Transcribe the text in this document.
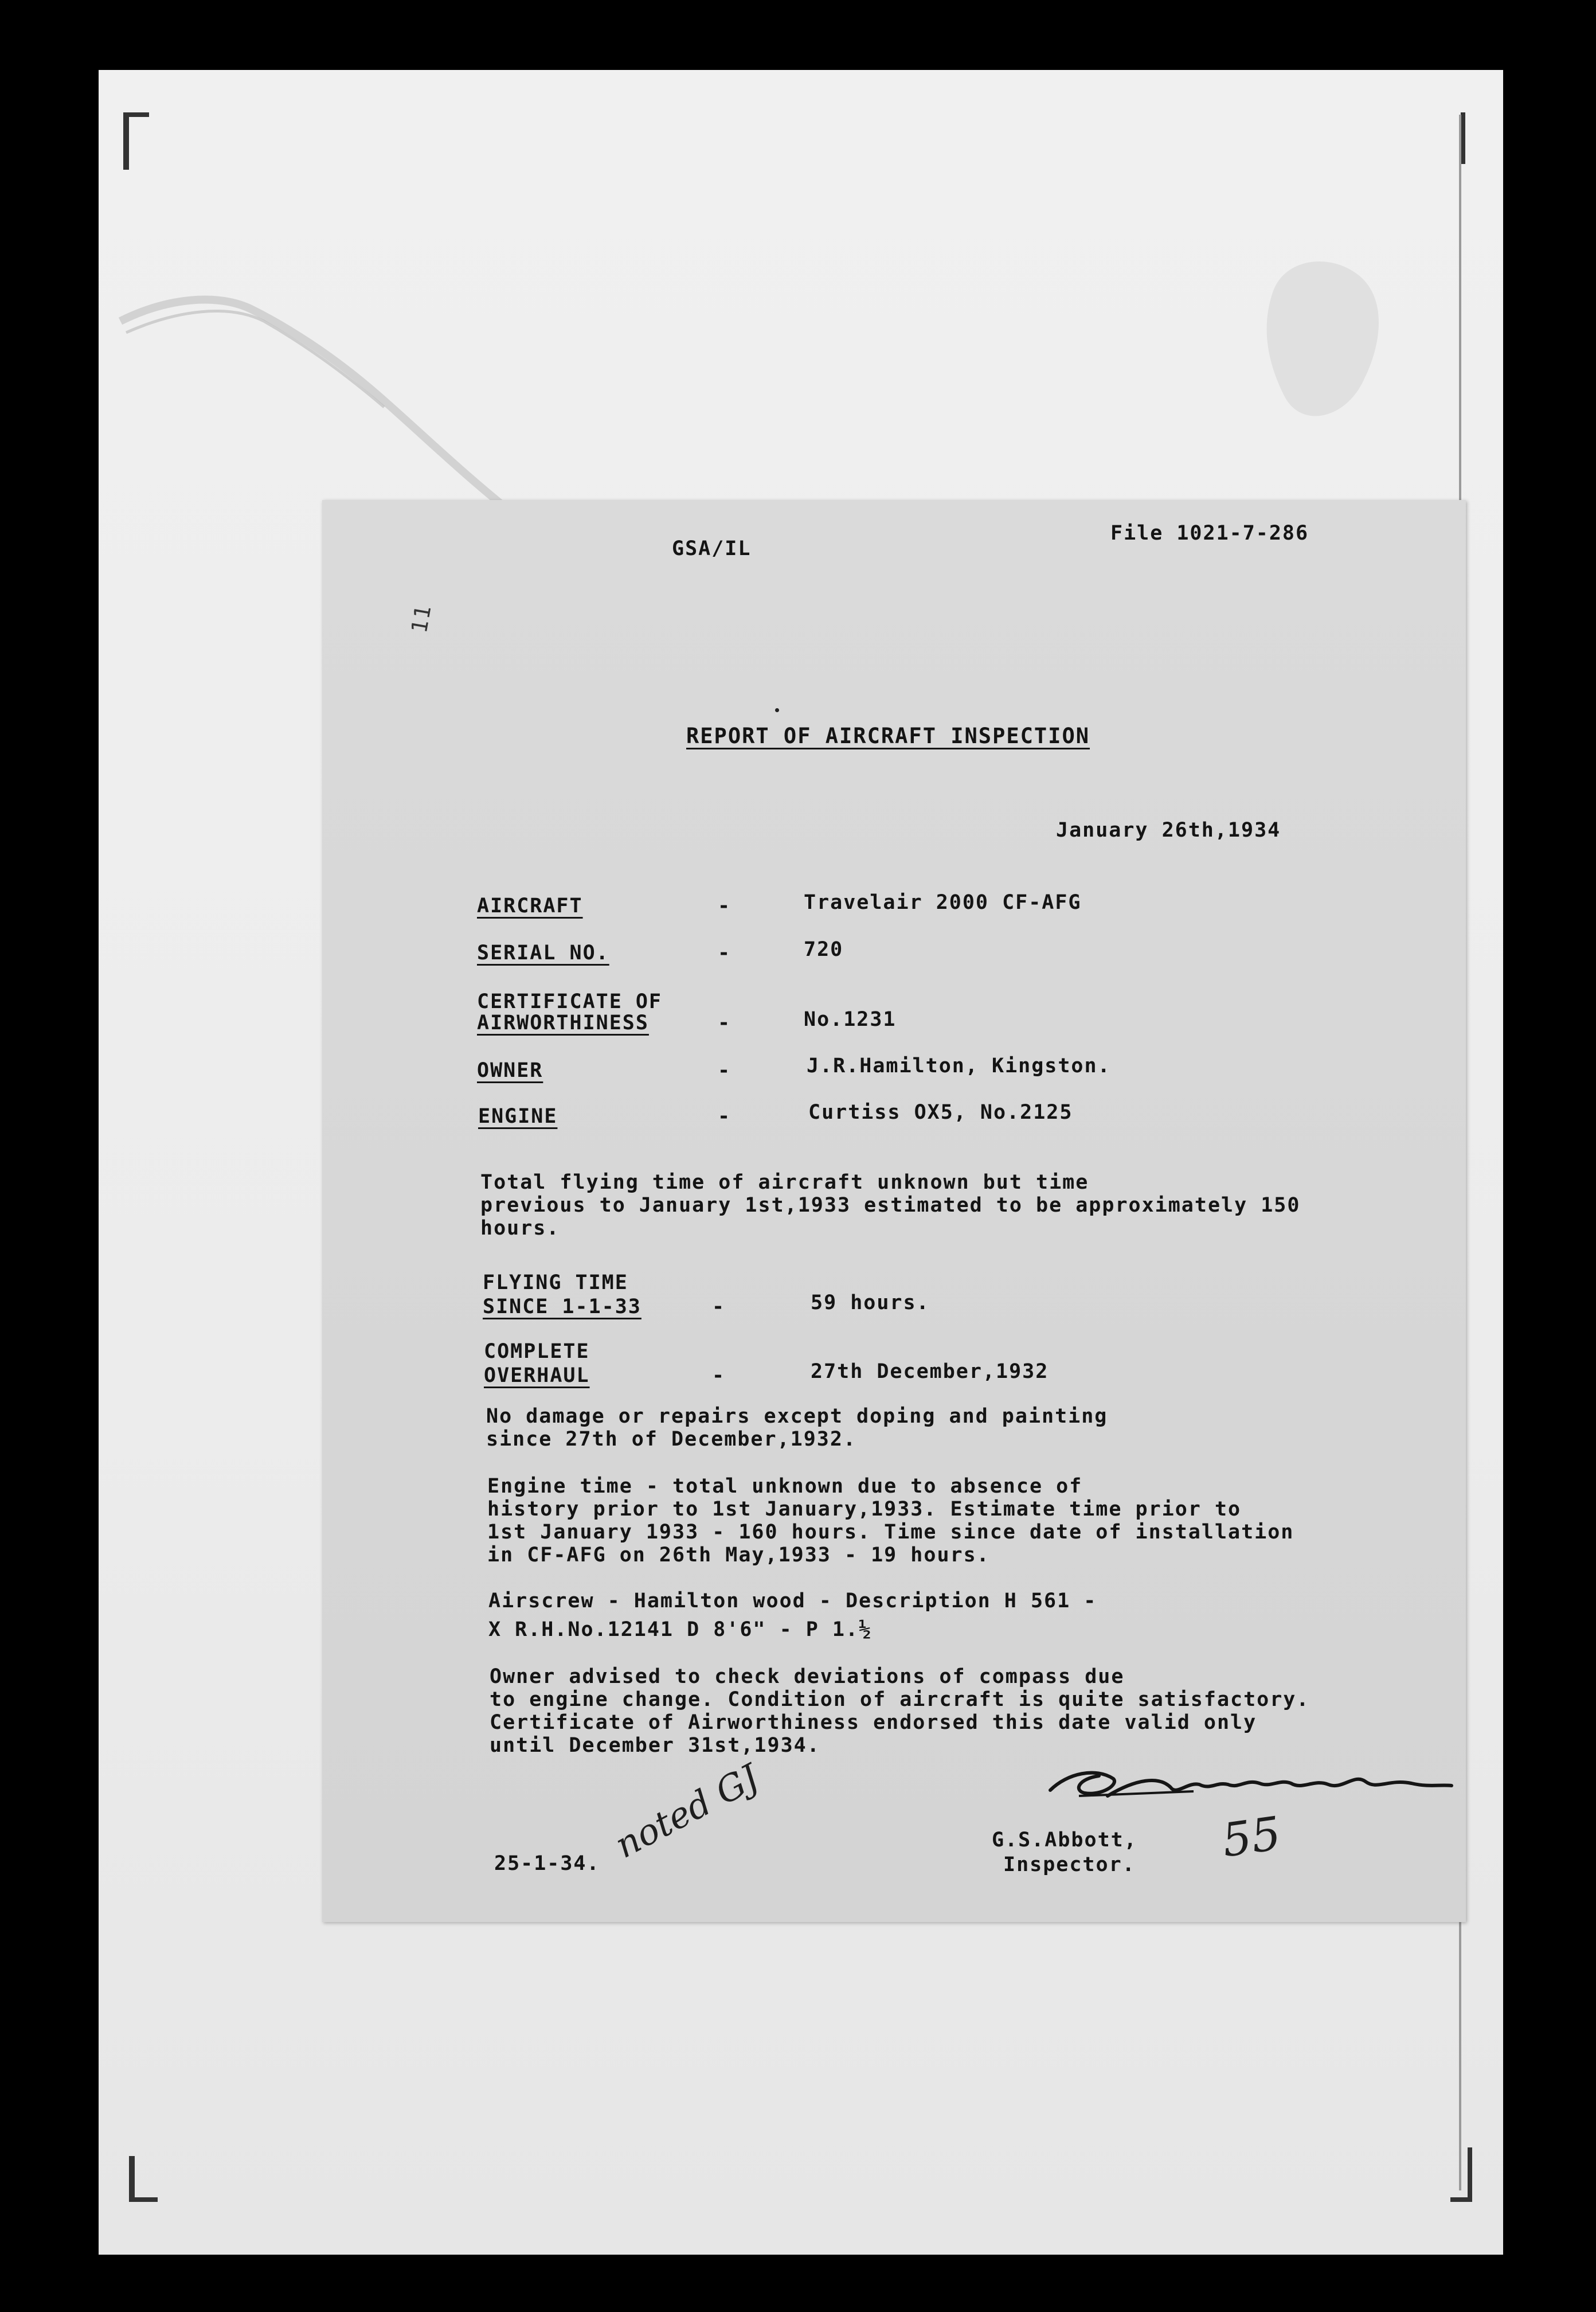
GSA/IL
File 1021-7-286
11
REPORT OF AIRCRAFT INSPECTION
January 26th,1934
AIRCRAFT	-	Travelair 2000 CF-AFG
SERIAL NO.	-	720
CERTIFICATE OF
AIRWORTHINESS	-	No.1231
OWNER	-	J.R.Hamilton, Kingston.
ENGINE	-	Curtiss OX5, No.2125
Total flying time of aircraft unknown but time
previous to January 1st,1933 estimated to be approximately 150
hours.
FLYING TIME
SINCE 1-1-33	-	59 hours.
COMPLETE
OVERHAUL	-	27th December,1932
No damage or repairs except doping and painting
since 27th of December,1932.
Engine time - total unknown due to absence of
history prior to 1st January,1933. Estimate time prior to
1st January 1933 - 160 hours. Time since date of installation
in CF-AFG on 26th May,1933 - 19 hours.
Airscrew - Hamilton wood - Description H 561 -
X R.H.No.12141 D 8'6" - P 1.½
Owner advised to check deviations of compass due
to engine change. Condition of aircraft is quite satisfactory.
Certificate of Airworthiness endorsed this date valid only
until December 31st,1934.
25-1-34. noted GJ	G.S.Abbott,
Inspector. 55
